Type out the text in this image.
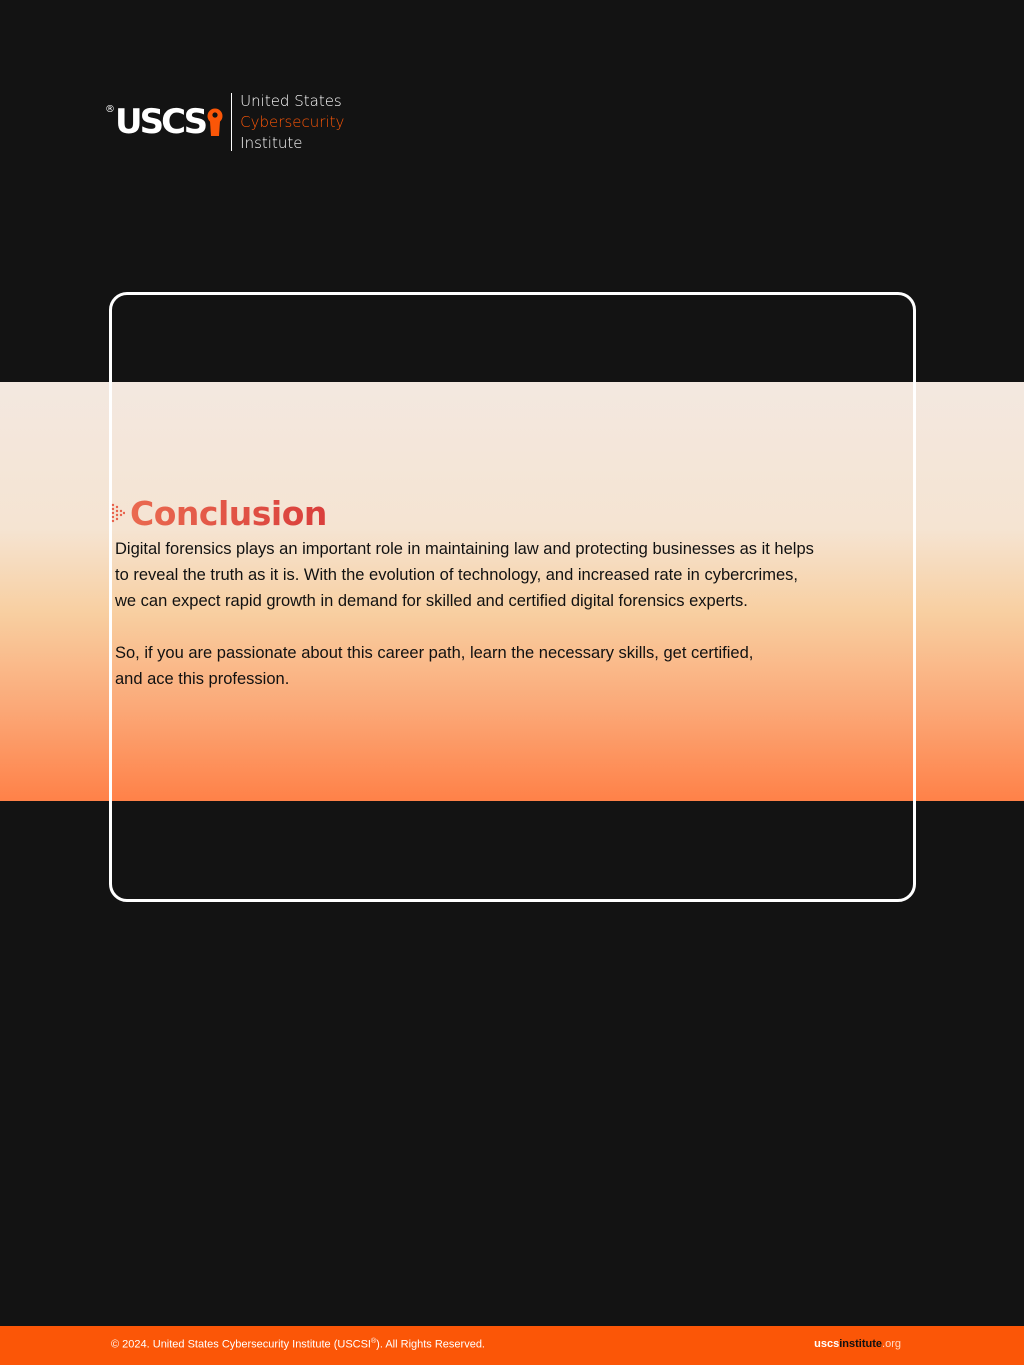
® USCS
United States
Cybersecurity
Institute
Conclusion

Digital forensics plays an important role in maintaining law and protecting businesses as it helps
to reveal the truth as it is. With the evolution of technology, and increased rate in cybercrimes,
we can expect rapid growth in demand for skilled and certified digital forensics experts.

So, if you are passionate about this career path, learn the necessary skills, get certified,
and ace this profession.

© 2024. United States Cybersecurity Institute (USCSI®). All Rights Reserved.	uscsinstitute.org
